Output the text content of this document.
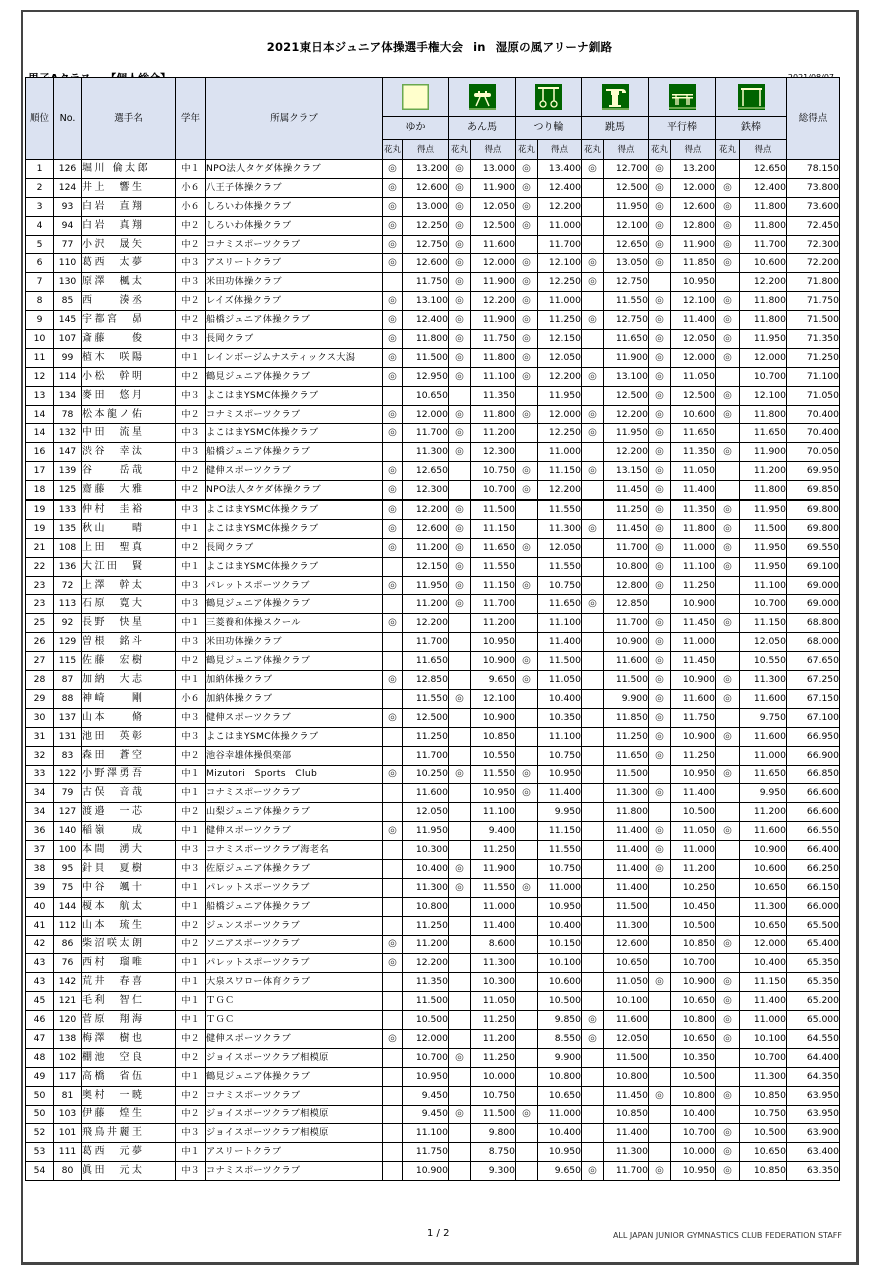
2021東日本ジュニア体操選手権大会 in 湿原の風アリーナ釧路
順位	No.	選手名	学年	所属クラブ													総得点
					ゆか		あん馬		つり輪		跳馬		平行棒		鉄棒		
					花丸	得点	花丸	得点	花丸	得点	花丸	得点	花丸	得点	花丸	得点	
1	126	堀川 倫太郎	中１	NPO法人タケダ体操クラブ	◎	13.200	◎	13.000	◎	13.400	◎	12.700	◎	13.200		12.650	78.150
2	124	井上　響生	小６	八王子体操クラブ	◎	12.600	◎	11.900	◎	12.400		12.500	◎	12.000	◎	12.400	73.800
3	93	白岩　直翔	小６	しろいわ体操クラブ	◎	13.000	◎	12.050	◎	12.200		11.950	◎	12.600	◎	11.800	73.600
4	94	白岩　真翔	中２	しろいわ体操クラブ	◎	12.250	◎	12.500	◎	11.000		12.100	◎	12.800	◎	11.800	72.450
5	77	小沢　晟矢	中２	コナミスポーツクラブ	◎	12.750	◎	11.600		11.700		12.650	◎	11.900	◎	11.700	72.300
6	110	葛西　太夢	中３	アスリートクラブ	◎	12.600	◎	12.000	◎	12.100	◎	13.050	◎	11.850	◎	10.600	72.200
7	130	原澤　楓太	中３	米田功体操クラブ		11.750	◎	11.900	◎	12.250	◎	12.750		10.950		12.200	71.800
8	85	西　　湊丞	中２	レイズ体操クラブ	◎	13.100	◎	12.200	◎	11.000		11.550	◎	12.100	◎	11.800	71.750
9	145	宇都宮　昴	中２	船橋ジュニア体操クラブ	◎	12.400	◎	11.900	◎	11.250	◎	12.750	◎	11.400	◎	11.800	71.500
10	107	斎藤　　俊	中３	長岡クラブ	◎	11.800	◎	11.750	◎	12.150		11.650	◎	12.050	◎	11.950	71.350
11	99	植木　咲陽	中１	レインボージムナスティックス大潟	◎	11.500	◎	11.800	◎	12.050		11.900	◎	12.000	◎	12.000	71.250
12	114	小松　幹明	中２	鶴見ジュニア体操クラブ	◎	12.950	◎	11.100	◎	12.200	◎	13.100	◎	11.050		10.700	71.100
13	134	麥田　悠月	中３	よこはまYSMC体操クラブ		10.650		11.350		11.950		12.500	◎	12.500	◎	12.100	71.050
14	78	松本龍ノ佑	中２	コナミスポーツクラブ	◎	12.000	◎	11.800	◎	12.000	◎	12.200	◎	10.600	◎	11.800	70.400
14	132	中田　流星	中３	よこはまYSMC体操クラブ	◎	11.700	◎	11.200		12.250	◎	11.950	◎	11.650		11.650	70.400
16	147	渋谷　幸汰	中３	船橋ジュニア体操クラブ		11.300	◎	12.300		11.000		12.200	◎	11.350	◎	11.900	70.050
17	139	谷　　岳哉	中２	健伸スポーツクラブ	◎	12.650		10.750	◎	11.150	◎	13.150	◎	11.050		11.200	69.950
18	125	齋藤　大雅	中２	NPO法人タケダ体操クラブ	◎	12.300		10.700	◎	12.200		11.450	◎	11.400		11.800	69.850
19	133	仲村　圭裕	中３	よこはまYSMC体操クラブ	◎	12.200	◎	11.500		11.550		11.250	◎	11.350	◎	11.950	69.800
19	135	秋山　　晴	中１	よこはまYSMC体操クラブ	◎	12.600	◎	11.150		11.300	◎	11.450	◎	11.800	◎	11.500	69.800
21	108	上田　聖真	中２	長岡クラブ	◎	11.200	◎	11.650	◎	12.050		11.700	◎	11.000	◎	11.950	69.550
22	136	大江田　賢	中１	よこはまYSMC体操クラブ		12.150	◎	11.550		11.550		10.800	◎	11.100	◎	11.950	69.100
23	72	上澤　幹太	中３	パレットスポーツクラブ	◎	11.950	◎	11.150	◎	10.750		12.800	◎	11.250		11.100	69.000
23	113	石原　寛大	中３	鶴見ジュニア体操クラブ		11.200	◎	11.700		11.650	◎	12.850		10.900		10.700	69.000
25	92	長野　快星	中１	三菱養和体操スクール	◎	12.200		11.200		11.100		11.700	◎	11.450	◎	11.150	68.800
26	129	曽根　銘斗	中３	米田功体操クラブ		11.700		10.950		11.400		10.900	◎	11.000		12.050	68.000
27	115	佐藤　宏樹	中２	鶴見ジュニア体操クラブ		11.650		10.900	◎	11.500		11.600	◎	11.450		10.550	67.650
28	87	加納　大志	中１	加納体操クラブ	◎	12.850		9.650	◎	11.050		11.500	◎	10.900	◎	11.300	67.250
29	88	神崎　　剛	小６	加納体操クラブ		11.550	◎	12.100		10.400		9.900	◎	11.600	◎	11.600	67.150
30	137	山本　　脩	中３	健伸スポーツクラブ	◎	12.500		10.900		10.350		11.850	◎	11.750		9.750	67.100
31	131	池田　英彰	中３	よこはまYSMC体操クラブ		11.250		10.850		11.100		11.250	◎	10.900	◎	11.600	66.950
32	83	森田　蒼空	中２	池谷幸雄体操倶楽部		11.700		10.550		10.750		11.650	◎	11.250		11.000	66.900
33	122	小野澤勇吾	中１	Mizutori　Sports　Club	◎	10.250	◎	11.550	◎	10.950		11.500		10.950	◎	11.650	66.850
34	79	古俣　音哉	中１	コナミスポーツクラブ		11.600		10.950	◎	11.400		11.300	◎	11.400		9.950	66.600
34	127	渡邉　一芯	中２	山梨ジュニア体操クラブ		12.050		11.100		9.950		11.800		10.500		11.200	66.600
36	140	稲嶺　　成	中１	健伸スポーツクラブ	◎	11.950		9.400		11.150		11.400	◎	11.050	◎	11.600	66.550
37	100	本間　湧大	中３	コナミスポーツクラブ海老名		10.300		11.250		11.550		11.400	◎	11.000		10.900	66.400
38	95	針貝　夏樹	中３	佐原ジュニア体操クラブ		10.400	◎	11.900		10.750		11.400	◎	11.200		10.600	66.250
39	75	中谷　颯十	中１	パレットスポーツクラブ		11.300	◎	11.550	◎	11.000		11.400		10.250		10.650	66.150
40	144	榎本　航太	中１	船橋ジュニア体操クラブ		10.800		11.000		10.950		11.500		10.450		11.300	66.000
41	112	山本　琉生	中２	ジュンスポーツクラブ		11.250		11.400		10.400		11.300		10.500		10.650	65.500
42	86	柴沼咲太朗	中２	ソニアスポーツクラブ	◎	11.200		8.600		10.150		12.600		10.850	◎	12.000	65.400
43	76	西村　瑠唯	中１	パレットスポーツクラブ	◎	12.200		11.300		10.100		10.650		10.700		10.400	65.350
43	142	荒井　春喜	中１	大泉スワロー体育クラブ		11.350		10.300		10.600		11.050	◎	10.900	◎	11.150	65.350
45	121	毛利　智仁	中１	ＴＧＣ		11.500		11.050		10.500		10.100		10.650	◎	11.400	65.200
46	120	菅原　翔海	中１	ＴＧＣ		10.500		11.250		9.850	◎	11.600		10.800	◎	11.000	65.000
47	138	梅澤　樹也	中２	健伸スポーツクラブ	◎	12.000		11.200		8.550	◎	12.050		10.650	◎	10.100	64.550
48	102	棚池　空良	中２	ジョイスポーツクラブ相模原		10.700	◎	11.250		9.900		11.500		10.350		10.700	64.400
49	117	高橋　省伍	中１	鶴見ジュニア体操クラブ		10.950		10.000		10.800		10.800		10.500		11.300	64.350
50	81	奥村　一暁	中２	コナミスポーツクラブ		9.450		10.750		10.650		11.450	◎	10.800	◎	10.850	63.950
50	103	伊藤　煌生	中２	ジョイスポーツクラブ相模原		9.450	◎	11.500	◎	11.000		10.850		10.400		10.750	63.950
52	101	飛鳥井麗王	中３	ジョイスポーツクラブ相模原		11.100		9.800		10.400		11.400		10.700	◎	10.500	63.900
53	111	葛西　元夢	中１	アスリートクラブ		11.750		8.750		10.950		11.300		10.000	◎	10.650	63.400
54	80	眞田　元太	中３	コナミスポーツクラブ		10.900		9.300		9.650	◎	11.700	◎	10.950	◎	10.850	63.350
1 / 2	ALL JAPAN JUNIOR GYMNASTICS CLUB FEDERATION STAFF
